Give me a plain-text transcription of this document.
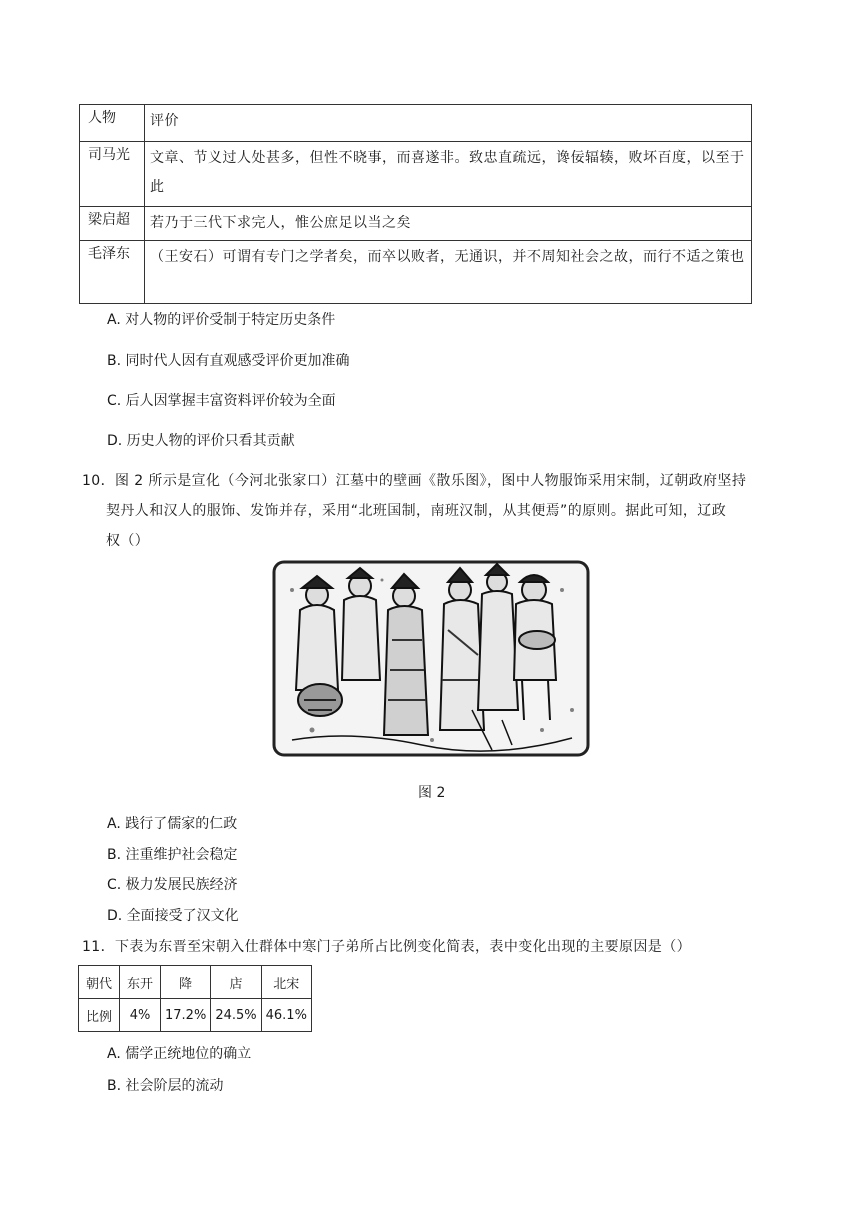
人物	评价
司马光	文章、节义过人处甚多，但性不晓事，而喜遂非。致忠直疏远，谗佞辐辏，败坏百度，以至于此
梁启超	若乃于三代下求完人，惟公庶足以当之矣
毛泽东	（王安石）可谓有专门之学者矣，而卒以败者，无通识，并不周知社会之故，而行不适之策也
A. 对人物的评价受制于特定历史条件
B. 同时代人因有直观感受评价更加准确
C. 后人因掌握丰富资料评价较为全面
D. 历史人物的评价只看其贡献
10．图 2 所示是宣化（今河北张家口）江墓中的壁画《散乐图》，图中人物服饰采用宋制，辽朝政府坚持
契丹人和汉人的服饰、发饰并存，采用“北班国制，南班汉制，从其便焉”的原则。据此可知，辽政
权（）
图 2
A. 践行了儒家的仁政
B. 注重维护社会稳定
C. 极力发展民族经济
D. 全面接受了汉文化
11．下表为东晋至宋朝入仕群体中寒门子弟所占比例变化简表，表中变化出现的主要原因是（）
朝代	东开	降	店	北宋
比例	4%	17.2%	24.5%	46.1%
A. 儒学正统地位的确立
B. 社会阶层的流动
